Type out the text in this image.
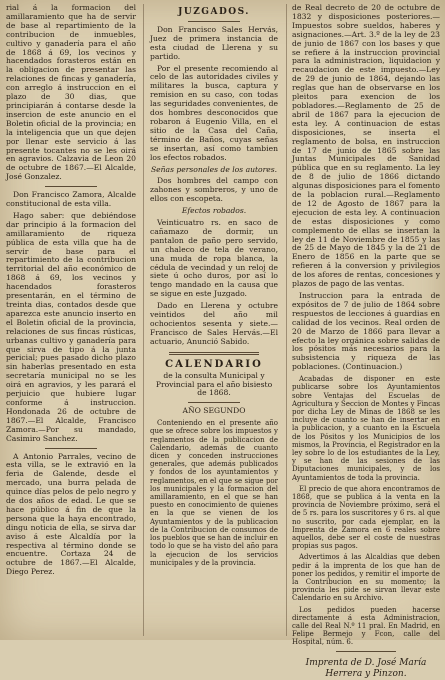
rial á la formacion del amillaramiento que ha de servir de base al repartimiento de la contribucion de inmuebles, cultivo y ganadería para el año de 1868 á 69, los vecinos y hacendados forasteros están en la obligacion de presentar las relaciones de fincas y ganadería, con arreglo á instruccion en el plazo de 30 dias, que principiarán á contarse desde la insercion de este anuncio en el Boletin oficial de la provincia; en la inteligencia que un que dejen por llenar este servicio á las presente tocantes no se les oirá en agravios. Calzavia de Leon 20 de octubre de 1867.—El Alcalde, José Gonzalez.

Don Francisco Zamora, Alcalde constitucional de esta villa.

Hago saber: que debiéndose dar principio á la formacion del amillaramiento de riqueza pública de esta villa que ha de servir de base para el repartimiento de la contribucion territorial del año económico de 1868 á 69, los vecinos y hacendados forasteros presentarán, en el término de treinta dias, contados desde que aparezca este anuncio inserto en el Boletin oficial de la provincia, relaciones de sus fincas rústicas, urbanas cultivo y ganadería para que sirva de tipo á la junta pericial; pues pasado dicho plazo sin haberlas presentado en esta secretaría municipal no se les oirá en agravios, y les parará el perjuicio que hubiere lugar conforme á instruccion. Hondonada 26 de octubre de 1867.—El Alcalde, Francisco Zamora.—Por su mandado, Casimiro Sanchez.

A Antonio Parrales, vecino de esta villa, se le extravió en la feria de Galende, desde el mercado, una burra pelada de quince días pelos de pelo negro y de dos años de edad. Le que se hace público á fin de que la persona que la haya encontrado, dingu noticia de ella, se sirva dar aviso á este Alcaldía por la respectiva al término donde se encuentre. Cortaza 24 de octubre de 1867.—El Alcalde, Diego Perez.

JUZGADOS.

Don Francisco Sales Hervás, Juez de primera instancia de esta ciudad de Llerena y su partido.

Por el presente recomiendo al celo de las autoridades civiles y militares la busca, captura y remision en su caso, con todas las seguridades convenientes, de dos hombres desconocidos que robaron á Eugenio Villa, en el sitio de la Casa del Caña, término de Baños, cuyas señas se insertan, así como tambien los efectos robados.

Señas personales de los autores.

Dos hombres del campo con zahones y sombreros, y uno de ellos con escopeta.

Efectos robados.

Veinticuatro rs. en saco de cañamazo de dormir, un pantalon de paño pero servido, un chaleco de tela de verano, una muda de ropa blanca, la cédula de vecindad y un reloj de siete ú ocho duros, por así lo tengo mandado en la causa que se sigue en este Juzgado.

Dado en Llerena y octubre veintidos del año mil ochocientos sesenta y siete.—Francisco de Sales Hervás.—El actuario, Anunció Sabido.

CALENDARIO

de la consulta Municipal y Provincial para el año bisiesto de 1868.

AÑO SEGUNDO

Conteniendo en el presente año que se ofrece sobre los impuestos y reglamentos de la publicacion de Calendario, además de cuanto dicen y conceden instrucciones generales, que además publicados y fondos de los ayuntamientos y reglamentos, en el que se sigue por los municipales y la formacion del amillaramiento, en el que se han puesto en conocimiento de quienes en la que se vienen de los Ayuntamientos y de la publicacion de la Contribucion de consumos de los pueblos que se han de incluir en todo lo que se ha visto del año para la ejecucion de los servicios municipales y de la provincia.

de Real decreto de 20 de octubre de 1832 y disposiciones posteriores.—Impuestos sobre sueldos, haberes y asignaciones.—Art. 3.º de la ley de 23 de junio de 1867 con los bases y que se refiere á la instruccion provincial para la administracion, liquidacion y recaudacion de este impuesto.—Ley de 29 de junio de 1864, dejando las reglas que han de observarse en los pleitos para exencion de los pobladores.—Reglamento de 25 de abril de 1867 para la ejecucion de esta ley. A continuacion de estas disposiciones, se inserta el reglamento de bolsa, en instruccion de 17 de junio de 1865 sobre las Juntas Municipales de Sanidad pública que en su reglamento. La ley de 8 de julio de 1866 dictando algunas disposiciones para el fomento de la poblacion rural.—Reglamento de 12 de Agosto de 1867 para la ejecucion de esta ley. A continuacion de estas disposiciones y como complemento de ellas se insertan la ley de 11 de Noviembre de 1855 y las de 25 de Mayo de 1845 y la de 21 de Enero de 1856 en la parte que se refieren á la conversion y privilegios de los afores de rentas, concesiones y plazos de pago de las ventas.

Instruccion para la entrada de expósitos de 7 de julio de 1864 sobre respuestos de lecciones á guardias en calidad de los vecinos. Real orden de 20 de Marzo de 1866 para llevar a efecto la ley orgánica sobre salidas de los pósitos más necesarios para la subsistencia y riqueza de las poblaciones. (Continuacion.)

Acabadas de disponer en este publicarse sobre los Ayuntamientos sobre Ventajas del Escuelas de Agricultura y Seccion de Montes y Fincas por dicha Ley de Minas de 1868 se les incluye de cuanto se han de insertar en la publicacion, y a cuanto en la Escuela de los Pósitos y los Municipios de los mismos, la Provincia, el Registrador en la ley sobre lo de los estudiantes de la Ley, y se han de las sesiones de las Diputaciones municipales, y de los Ayuntamientos de toda la provincia.

El precio de que ahora encontramos de 1868, que se publica á la venta en la provincia de Noviembre próximo, será el de 5 rs. para los suscritores y 6 rs. al que no suscrito, por cada ejemplar, en la Imprenta de Zamora en 6 reales sobre aquellos, debe ser el coste de nuestras propias sus pagos.

Advertimos á las Alcaldias que deben pedir á la imprenta de los que han de poner los pedidos, y remitir el importe de la Contribucion en su momento; la provincia les pide se sirvan llevar este Calendario en su Archivo.

Los pedidos pueden hacerse directamente á esta Administracion, calle del Real N.º 11 pral. En Madrid, en Felipe Bermejo y Fcon, calle del Hospital, núm. 6.

Imprenta de D. José María Herrera y Pinzon.
